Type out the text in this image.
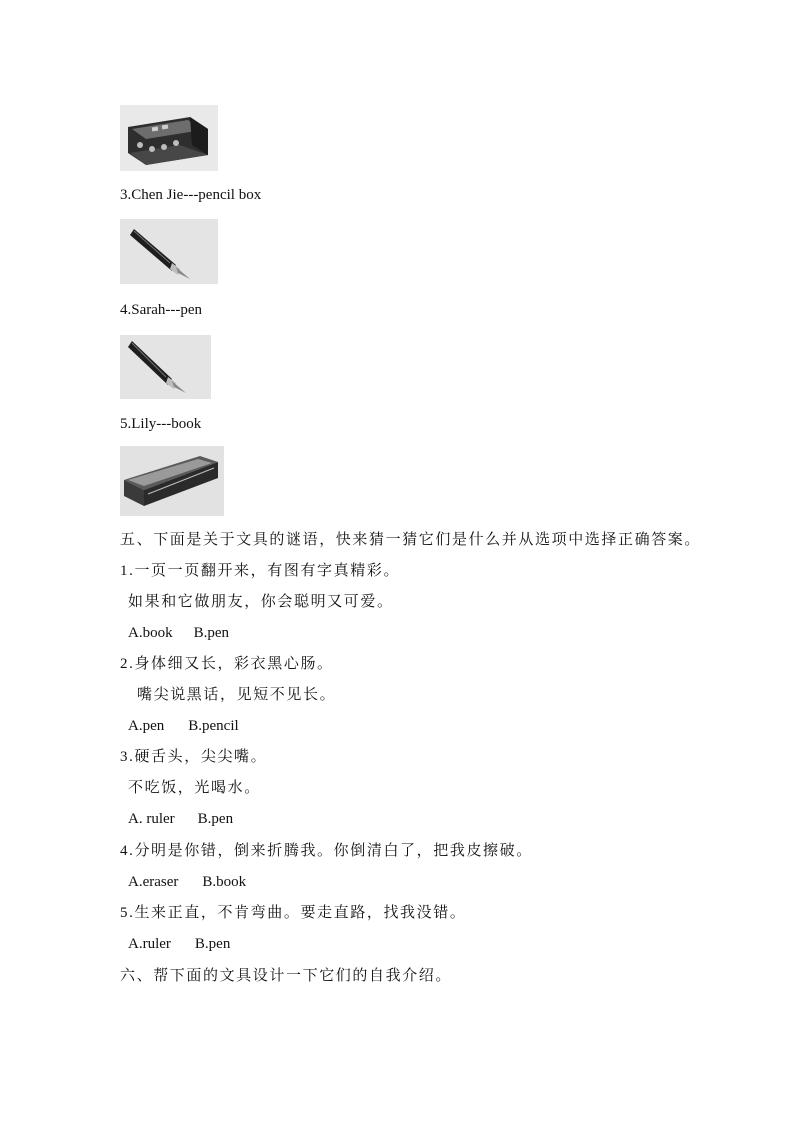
3.Chen Jie---pencil box
4.Sarah---pen
5.Lily---book
五、下面是关于文具的谜语，快来猜一猜它们是什么并从选项中选择正确答案。
1.一页一页翻开来，有图有字真精彩。
如果和它做朋友，你会聪明又可爱。
A.book B.pen
2.身体细又长，彩衣黑心肠。
嘴尖说黑话，见短不见长。
A.pen B.pencil
3.硬舌头，尖尖嘴。
不吃饭，光喝水。
A. ruler B.pen
4.分明是你错，倒来折腾我。你倒清白了，把我皮擦破。
A.eraser B.book
5.生来正直，不肯弯曲。要走直路，找我没错。
A.ruler B.pen
六、帮下面的文具设计一下它们的自我介绍。
